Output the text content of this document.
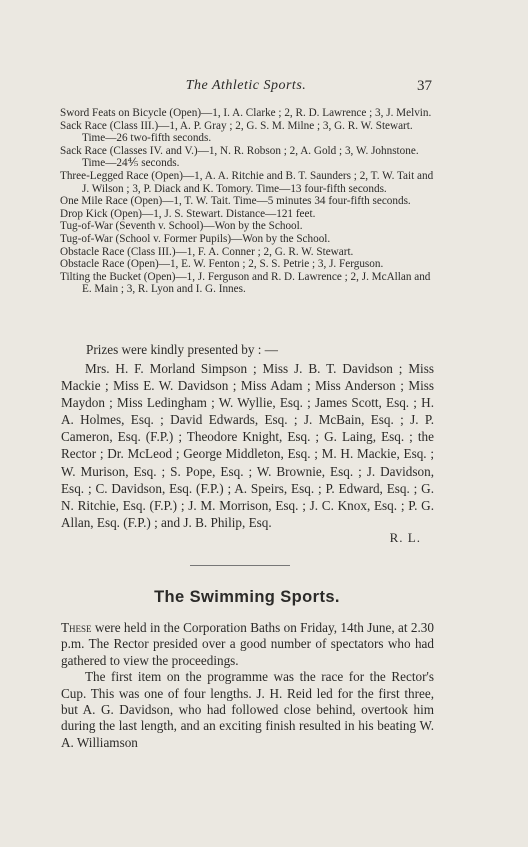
The Athletic Sports.	37
Sword Feats on Bicycle (Open)—1, I. A. Clarke ; 2, R. D. Lawrence ; 3, J. Melvin.
Sack Race (Class III.)—1, A. P. Gray ; 2, G. S. M. Milne ; 3, G. R. W. Stewart. Time—26 two-fifth seconds.
Sack Race (Classes IV. and V.)—1, N. R. Robson ; 2, A. Gold ; 3, W. Johnstone. Time—24⅘ seconds.
Three-Legged Race (Open)—1, A. A. Ritchie and B. T. Saunders ; 2, T. W. Tait and J. Wilson ; 3, P. Diack and K. Tomory. Time—13 four-fifth seconds.
One Mile Race (Open)—1, T. W. Tait. Time—5 minutes 34 four-fifth seconds.
Drop Kick (Open)—1, J. S. Stewart. Distance—121 feet.
Tug-of-War (Seventh v. School)—Won by the School.
Tug-of-War (School v. Former Pupils)—Won by the School.
Obstacle Race (Class III.)—1, F. A. Conner ; 2, G. R. W. Stewart.
Obstacle Race (Open)—1, E. W. Fenton ; 2, S. S. Petrie ; 3, J. Ferguson.
Tilting the Bucket (Open)—1, J. Ferguson and R. D. Lawrence ; 2, J. McAllan and E. Main ; 3, R. Lyon and I. G. Innes.
Prizes were kindly presented by : —
Mrs. H. F. Morland Simpson ; Miss J. B. T. Davidson ; Miss Mackie ; Miss E. W. Davidson ; Miss Adam ; Miss Anderson ; Miss Maydon ; Miss Ledingham ; W. Wyllie, Esq. ; James Scott, Esq. ; H. A. Holmes, Esq. ; David Edwards, Esq. ; J. McBain, Esq. ; J. P. Cameron, Esq. (F.P.) ; Theodore Knight, Esq. ; G. Laing, Esq. ; the Rector ; Dr. McLeod ; George Middleton, Esq. ; M. H. Mackie, Esq. ; W. Murison, Esq. ; S. Pope, Esq. ; W. Brownie, Esq. ; J. Davidson, Esq. ; C. Davidson, Esq. (F.P.) ; A. Speirs, Esq. ; P. Edward, Esq. ; G. N. Ritchie, Esq. (F.P.) ; J. M. Morrison, Esq. ; J. C. Knox, Esq. ; P. G. Allan, Esq. (F.P.) ; and J. B. Philip, Esq.
R. L.
The Swimming Sports.

These were held in the Corporation Baths on Friday, 14th June, at 2.30 p.m. The Rector presided over a good number of spectators who had gathered to view the proceedings.

The first item on the programme was the race for the Rector's Cup. This was one of four lengths. J. H. Reid led for the first three, but A. G. Davidson, who had followed close behind, overtook him during the last length, and an exciting finish resulted in his beating W. A. Williamson
